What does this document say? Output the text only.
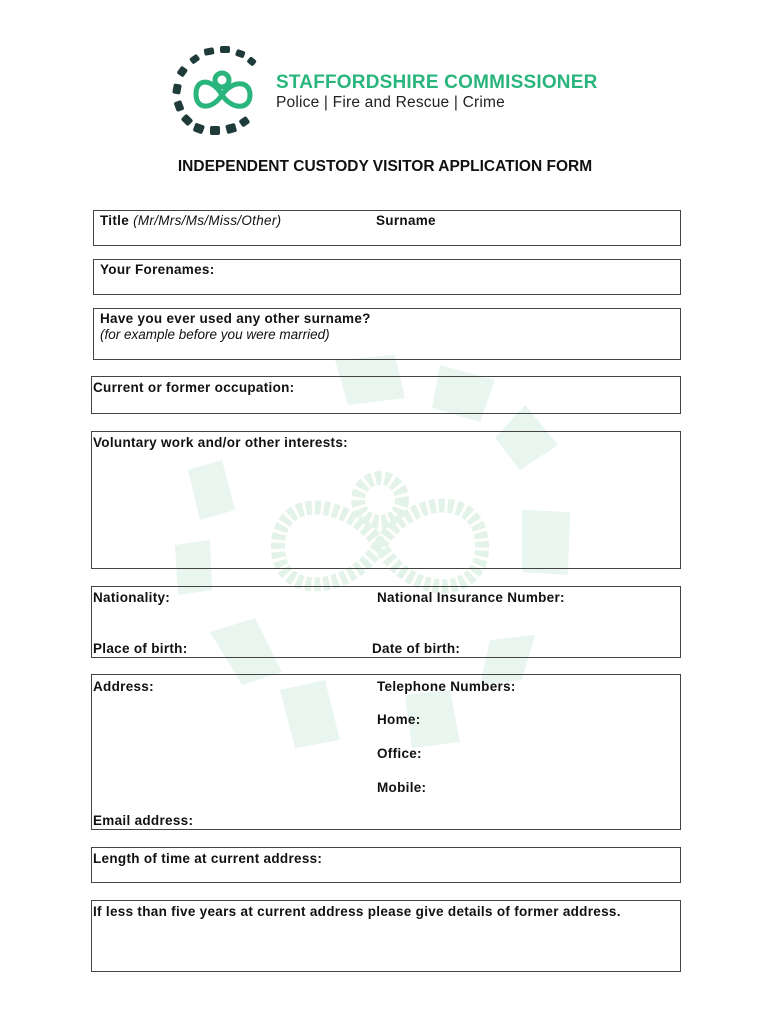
STAFFORDSHIRE COMMISSIONER
Police | Fire and Rescue | Crime
INDEPENDENT CUSTODY VISITOR APPLICATION FORM
Title (Mr/Mrs/Ms/Miss/Other)	Surname
Your Forenames:
Have you ever used any other surname?
(for example before you were married)
Current or former occupation:
Voluntary work and/or other interests:
Nationality:	National Insurance Number:
Place of birth:	Date of birth:
Address:	Telephone Numbers:
Home:
Office:
Mobile:
Email address:
Length of time at current address:
If less than five years at current address please give details of former address.
